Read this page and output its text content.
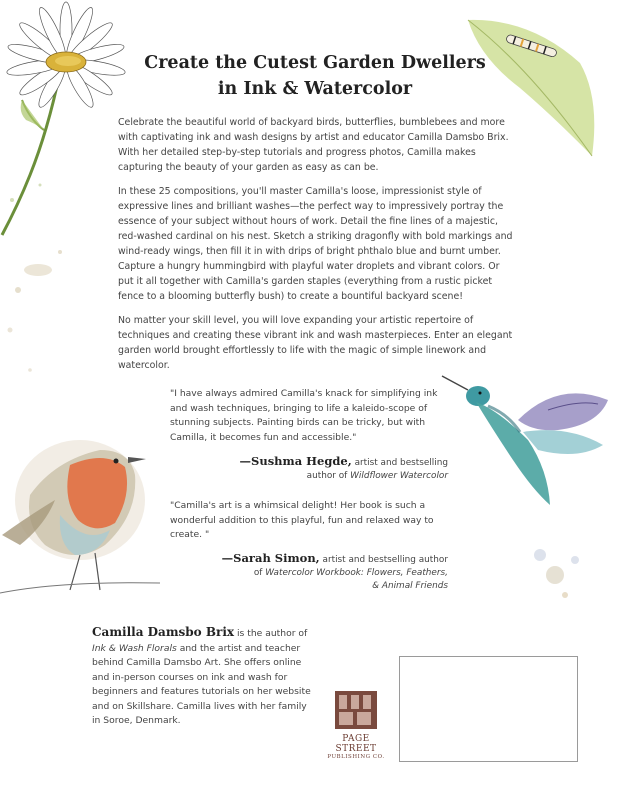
Create the Cutest Garden Dwellers
in Ink & Watercolor

Celebrate the beautiful world of backyard birds, butterflies, bumblebees and more with captivating ink and wash designs by artist and educator Camilla Damsbo Brix. With her detailed step-by-step tutorials and progress photos, Camilla makes capturing the beauty of your garden as easy as can be.

In these 25 compositions, you'll master Camilla's loose, impressionist style of expressive lines and brilliant washes—the perfect way to impressively portray the essence of your subject without hours of work. Detail the fine lines of a majestic, red-washed cardinal on his nest. Sketch a striking dragonfly with bold markings and wind-ready wings, then fill it in with drips of bright phthalo blue and burnt umber. Capture a hungry hummingbird with playful water droplets and vibrant colors. Or put it all together with Camilla's garden staples (everything from a rustic picket fence to a blooming butterfly bush) to create a bountiful backyard scene!

No matter your skill level, you will love expanding your artistic repertoire of techniques and creating these vibrant ink and wash masterpieces. Enter an elegant garden world brought effortlessly to life with the magic of simple linework and watercolor.

"I have always admired Camilla's knack for simplifying ink and wash techniques, bringing to life a kaleido-scope of stunning subjects. Painting birds can be tricky, but with Camilla, it becomes fun and accessible."

—Sushma Hegde, artist and bestselling
author of Wildflower Watercolor

"Camilla's art is a whimsical delight! Her book is such a wonderful addition to this playful, fun and relaxed way to create. "

—Sarah Simon, artist and bestselling author
of Watercolor Workbook: Flowers, Feathers,
& Animal Friends

Camilla Damsbo Brix is the author of Ink & Wash Florals and the artist and teacher behind Camilla Damsbo Art. She offers online and in-person courses on ink and wash for beginners and features tutorials on her website and on Skillshare. Camilla lives with her family in Soroe, Denmark.

PAGE STREET
PUBLISHING CO.
